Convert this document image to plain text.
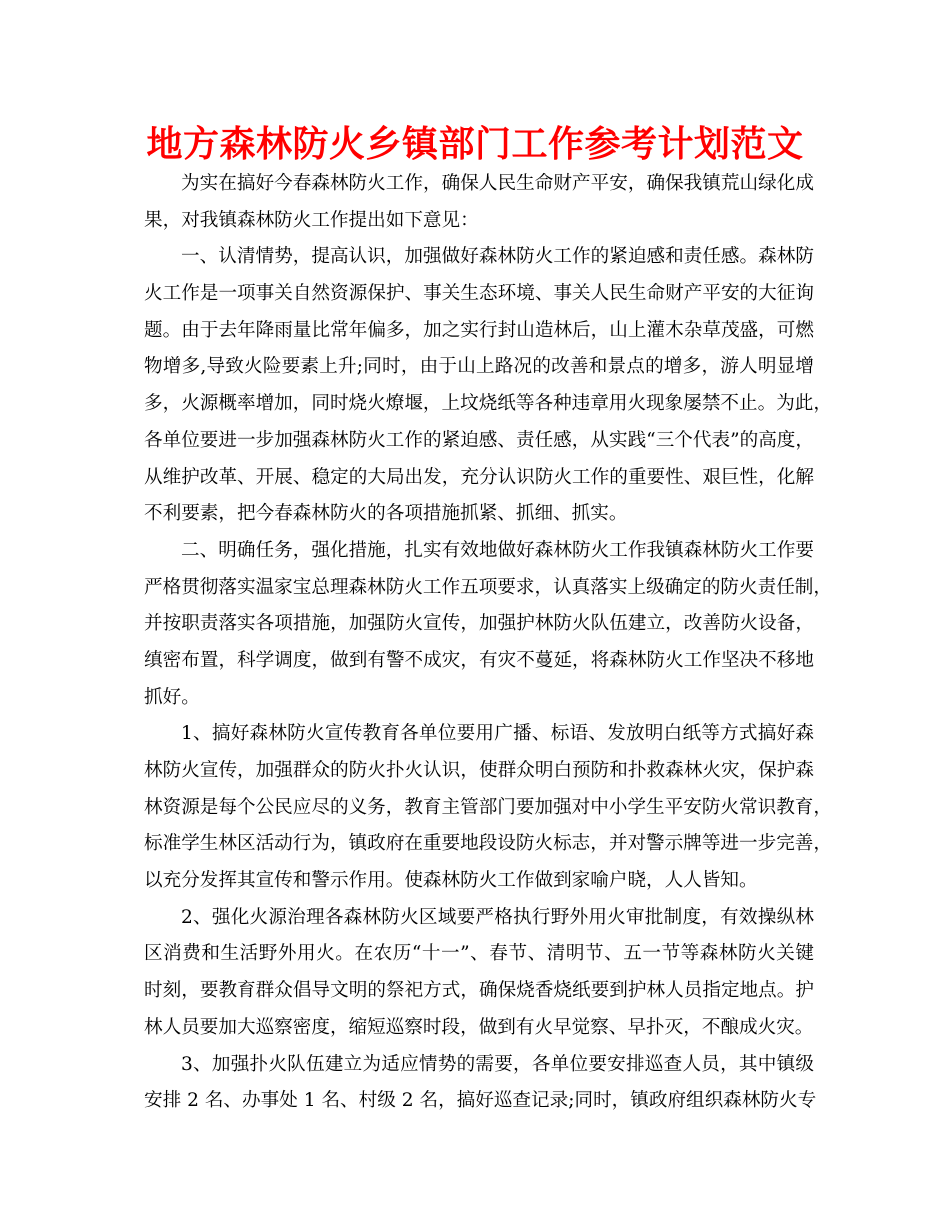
地方森林防火乡镇部门工作参考计划范文
为实在搞好今春森林防火工作，确保人民生命财产平安，确保我镇荒山绿化成
果，对我镇森林防火工作提出如下意见：
一、认清情势，提高认识，加强做好森林防火工作的紧迫感和责任感。森林防
火工作是一项事关自然资源保护、事关生态环境、事关人民生命财产平安的大征询
题。由于去年降雨量比常年偏多，加之实行封山造林后，山上灌木杂草茂盛，可燃
物增多,导致火险要素上升;同时，由于山上路况的改善和景点的增多，游人明显增
多，火源概率增加，同时烧火燎堰，上坟烧纸等各种违章用火现象屡禁不止。为此，
各单位要进一步加强森林防火工作的紧迫感、责任感，从实践“三个代表”的高度，
从维护改革、开展、稳定的大局出发，充分认识防火工作的重要性、艰巨性，化解
不利要素，把今春森林防火的各项措施抓紧、抓细、抓实。
二、明确任务，强化措施，扎实有效地做好森林防火工作我镇森林防火工作要
严格贯彻落实温家宝总理森林防火工作五项要求，认真落实上级确定的防火责任制，
并按职责落实各项措施，加强防火宣传，加强护林防火队伍建立，改善防火设备，
缜密布置，科学调度，做到有警不成灾，有灾不蔓延，将森林防火工作坚决不移地
抓好。
1、搞好森林防火宣传教育各单位要用广播、标语、发放明白纸等方式搞好森
林防火宣传，加强群众的防火扑火认识，使群众明白预防和扑救森林火灾，保护森
林资源是每个公民应尽的义务，教育主管部门要加强对中小学生平安防火常识教育，
标准学生林区活动行为，镇政府在重要地段设防火标志，并对警示牌等进一步完善，
以充分发挥其宣传和警示作用。使森林防火工作做到家喻户晓，人人皆知。
2、强化火源治理各森林防火区域要严格执行野外用火审批制度，有效操纵林
区消费和生活野外用火。在农历“十一”、春节、清明节、五一节等森林防火关键
时刻，要教育群众倡导文明的祭祀方式，确保烧香烧纸要到护林人员指定地点。护
林人员要加大巡察密度，缩短巡察时段，做到有火早觉察、早扑灭，不酿成火灾。
3、加强扑火队伍建立为适应情势的需要，各单位要安排巡查人员，其中镇级
安排 2 名、办事处 1 名、村级 2 名，搞好巡查记录;同时，镇政府组织森林防火专
